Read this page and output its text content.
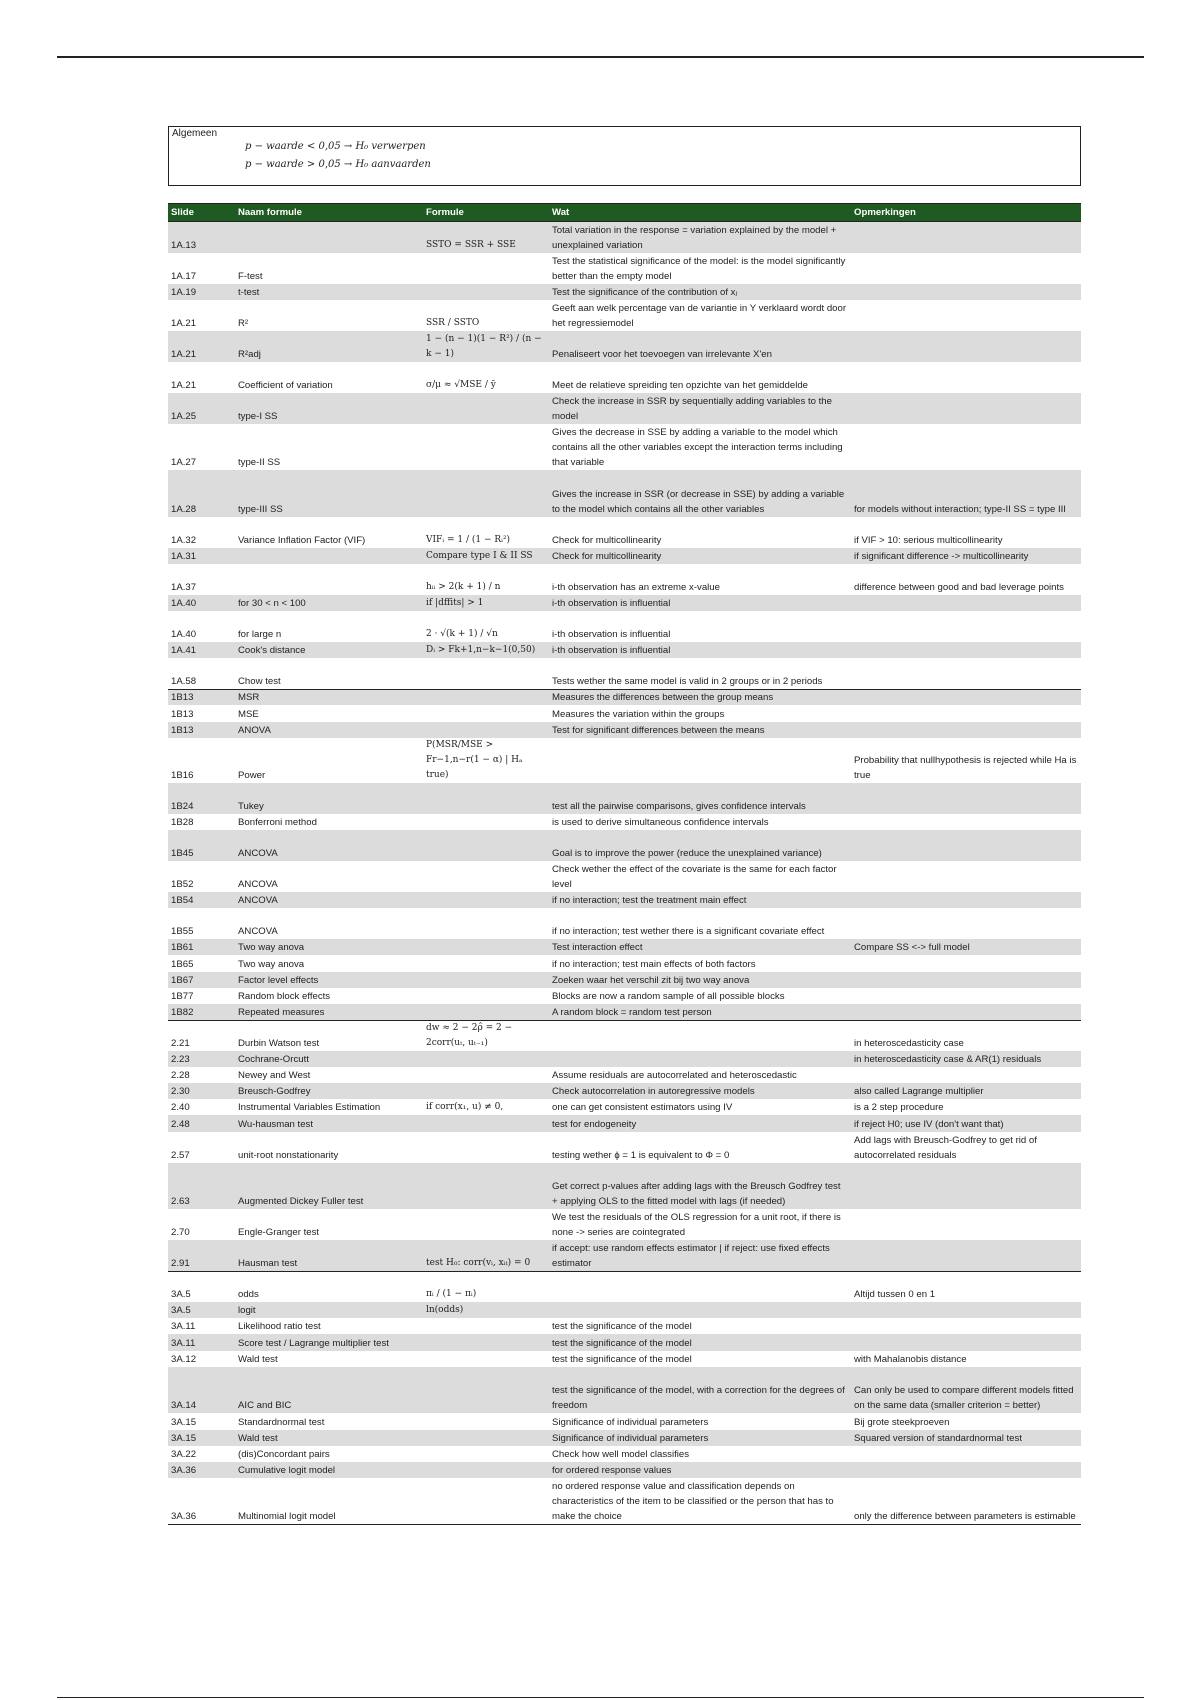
Algemeen
p − waarde < 0,05 → H₀ verwerpen
p − waarde > 0,05 → H₀ aanvaarden
Slide	Naam formule	Formule	Wat	Opmerkingen
1A.13		SSTO = SSR + SSE	Total variation in the response = variation explained by the model + unexplained variation	
1A.17	F-test		Test the statistical significance of the model: is the model significantly better than the empty model	
1A.19	t-test		Test the significance of the contribution of xⱼ	
1A.21	R²	SSR / SSTO	Geeft aan welk percentage van de variantie in Y verklaard wordt door het regressiemodel	
1A.21	R²adj	1 − (n − 1)(1 − R²) / (n − k − 1)	Penaliseert voor het toevoegen van irrelevante X'en	
1A.21	Coefficient of variation	σ/μ ≈ √MSE / ȳ	Meet de relatieve spreiding ten opzichte van het gemiddelde	
1A.25	type-I SS		Check the increase in SSR by sequentially adding variables to the model	
1A.27	type-II SS		Gives the decrease in SSE by adding a variable to the model which contains all the other variables except the interaction terms including that variable	
1A.28	type-III SS		Gives the increase in SSR (or decrease in SSE) by adding a variable to the model which contains all the other variables	for models without interaction; type-II SS = type III
1A.32	Variance Inflation Factor (VIF)	VIFᵢ = 1 / (1 − Rᵢ²)	Check for multicollinearity	if VIF > 10: serious multicollinearity
1A.31		Compare type I & II SS	Check for multicollinearity	if significant difference -> multicollinearity
1A.37		hᵢᵢ > 2(k + 1) / n	i-th observation has an extreme x-value	difference between good and bad leverage points
1A.40	for 30 < n < 100	if |dffits| > 1	i-th observation is influential	
1A.40	for large n	2 · √(k + 1) / √n	i-th observation is influential	
1A.41	Cook's distance	Dᵢ > Fk+1,n−k−1(0,50)	i-th observation is influential	
1A.58	Chow test		Tests wether the same model is valid in 2 groups or in 2 periods	
1B13	MSR		Measures the differences between the group means	
1B13	MSE		Measures the variation within the groups	
1B13	ANOVA		Test for significant differences between the means	
1B16	Power	P(MSR/MSE > Fr−1,n−r(1 − α) | Hₐ true)		Probability that nullhypothesis is rejected while Ha is true
1B24	Tukey		test all the pairwise comparisons, gives confidence intervals	
1B28	Bonferroni method		is used to derive simultaneous confidence intervals	
1B45	ANCOVA		Goal is to improve the power (reduce the unexplained variance)	
1B52	ANCOVA		Check wether the effect of the covariate is the same for each factor level	
1B54	ANCOVA		if no interaction; test the treatment main effect	
1B55	ANCOVA		if no interaction; test wether there is a significant covariate effect	
1B61	Two way anova		Test interaction effect	Compare SS <-> full model
1B65	Two way anova		if no interaction; test main effects of both factors	
1B67	Factor level effects		Zoeken waar het verschil zit bij two way anova	
1B77	Random block effects		Blocks are now a random sample of all possible blocks	
1B82	Repeated measures		A random block = random test person	
2.21	Durbin Watson test	dw ≈ 2 − 2ρ̂ = 2 − 2corr(uₜ, uₜ₋₁)		in heteroscedasticity case
2.23	Cochrane-Orcutt			in heteroscedasticity case & AR(1) residuals
2.28	Newey and West		Assume residuals are autocorrelated and heteroscedastic	
2.30	Breusch-Godfrey		Check autocorrelation in autoregressive models	also called Lagrange multiplier
2.40	Instrumental Variables Estimation	if corr(x₁, u) ≠ 0,	one can get consistent estimators using IV	is a 2 step procedure
2.48	Wu-hausman test		test for endogeneity	if reject H0; use IV (don't want that)
2.57	unit-root nonstationarity		testing wether ϕ = 1 is equivalent to Φ = 0	Add lags with Breusch-Godfrey to get rid of autocorrelated residuals
2.63	Augmented Dickey Fuller test		Get correct p-values after adding lags with the Breusch Godfrey test + applying OLS to the fitted model with lags (if needed)	
2.70	Engle-Granger test		We test the residuals of the OLS regression for a unit root, if there is none -> series are cointegrated	
2.91	Hausman test	test H₀: corr(vᵢ, xᵢₜ) = 0	if accept: use random effects estimator | if reject: use fixed effects estimator	
3A.5	odds	πᵢ / (1 − πᵢ)		Altijd tussen 0 en 1
3A.5	logit	ln(odds)		
3A.11	Likelihood ratio test		test the significance of the model	
3A.11	Score test / Lagrange multiplier test		test the significance of the model	
3A.12	Wald test		test the significance of the model	with Mahalanobis distance
3A.14	AIC and BIC		test the significance of the model, with a correction for the degrees of freedom	Can only be used to compare different models fitted on the same data (smaller criterion = better)
3A.15	Standardnormal test		Significance of individual parameters	Bij grote steekproeven
3A.15	Wald test		Significance of individual parameters	Squared version of standardnormal test
3A.22	(dis)Concordant pairs		Check how well model classifies	
3A.36	Cumulative logit model		for ordered response values	
3A.36	Multinomial logit model		no ordered response value and classification depends on characteristics of the item to be classified or the person that has to make the choice	only the difference between parameters is estimable
